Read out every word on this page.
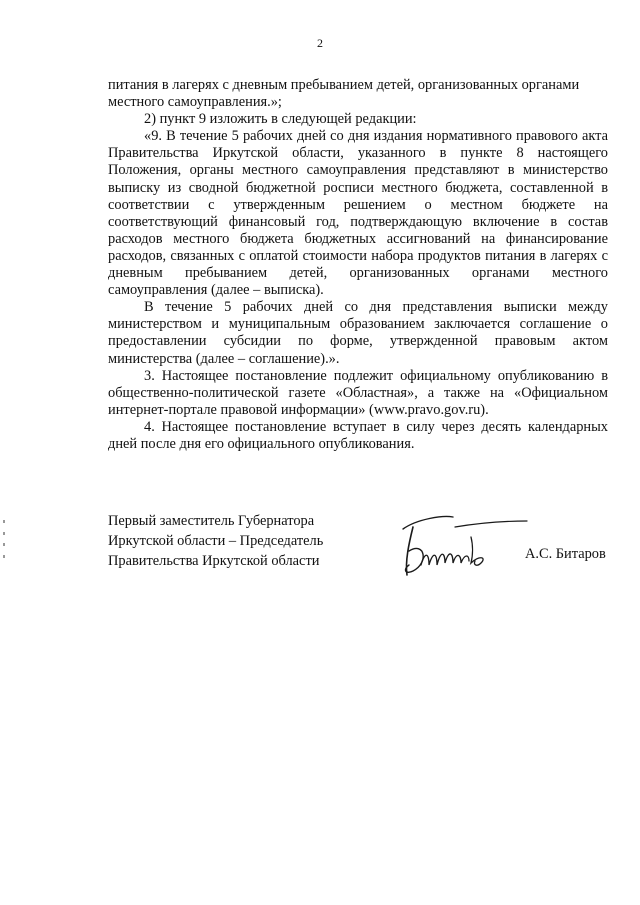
2

питания в лагерях с дневным пребыванием детей, организованных органами местного самоуправления.»;

2) пункт 9 изложить в следующей редакции:

«9. В течение 5 рабочих дней со дня издания нормативного правового акта Правительства Иркутской области, указанного в пункте 8 настоящего Положения, органы местного самоуправления представляют в министерство выписку из сводной бюджетной росписи местного бюджета, составленной в соответствии с утвержденным решением о местном бюджете на соответствующий финансовый год, подтверждающую включение в состав расходов местного бюджета бюджетных ассигнований на финансирование расходов, связанных с оплатой стоимости набора продуктов питания в лагерях с дневным пребыванием детей, организованных органами местного самоуправления (далее – выписка).

В течение 5 рабочих дней со дня представления выписки между министерством и муниципальным образованием заключается соглашение о предоставлении субсидии по форме, утвержденной правовым актом министерства (далее – соглашение).».

3. Настоящее постановление подлежит официальному опубликованию в общественно-политической газете «Областная», а также на «Официальном интернет-портале правовой информации» (www.pravo.gov.ru).

4. Настоящее постановление вступает в силу через десять календарных дней после дня его официального опубликования.

Первый заместитель Губернатора
Иркутской области – Председатель
Правительства Иркутской области	А.С. Битаров
